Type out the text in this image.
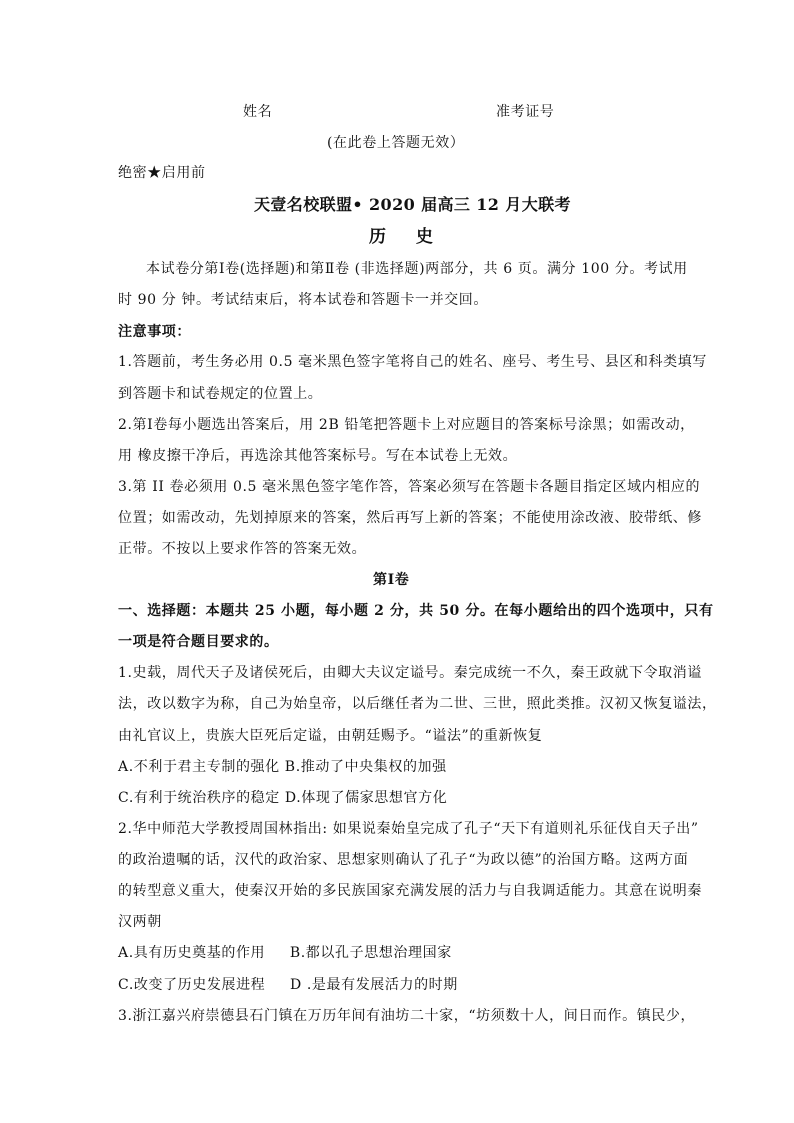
姓名	准考证号
(在此卷上答题无效）
绝密★启用前
天壹名校联盟• 2020 届高三 12 月大联考
历 史
本试卷分第Ⅰ卷(选择题)和第Ⅱ卷 (非选择题)两部分，共 6 页。满分 100 分。考试用
时 90 分 钟。考试结束后，将本试卷和答题卡一并交回。
注意事项：
1.答题前，考生务必用 0.5 毫米黑色签字笔将自己的姓名、座号、考生号、县区和科类填写
到答题卡和试卷规定的位置上。
2.第Ⅰ卷每小题选出答案后，用 2B 铅笔把答题卡上对应题目的答案标号涂黑；如需改动，
用 橡皮擦干净后，再选涂其他答案标号。写在本试卷上无效。
3.第 II 卷必须用 0.5 毫米黑色签字笔作答，答案必须写在答题卡各题目指定区域内相应的
位置；如需改动，先划掉原来的答案，然后再写上新的答案；不能使用涂改液、胶带纸、修
正带。不按以上要求作答的答案无效。
第Ⅰ卷
一、选择题：本题共 25 小题，每小题 2 分，共 50 分。在每小题给出的四个选项中，只有
一项是符合题目要求的。
1.史载，周代天子及诸侯死后，由卿大夫议定谥号。秦完成统一不久，秦王政就下令取消谥
法，改以数字为称，自己为始皇帝，以后继任者为二世、三世，照此类推。汉初又恢复谥法，
由礼官议上，贵族大臣死后定谥，由朝廷赐予。“谥法”的重新恢复
A.不利于君主专制的强化 B.推动了中央集权的加强
C.有利于统治秩序的稳定 D.体现了儒家思想官方化
2.华中师范大学教授周国林指出: 如果说秦始皇完成了孔子“天下有道则礼乐征伐自天子出”
的政治遗嘱的话，汉代的政治家、思想家则确认了孔子“为政以德”的治国方略。这两方面
的转型意义重大，使秦汉开始的多民族国家充满发展的活力与自我调适能力。其意在说明秦
汉两朝
A.具有历史奠基的作用 　 B.都以孔子思想治理国家
C.改变了历史发展进程 　 D .是最有发展活力的时期
3.浙江嘉兴府崇德县石门镇在万历年间有油坊二十家，“坊须数十人，间日而作。镇民少，
